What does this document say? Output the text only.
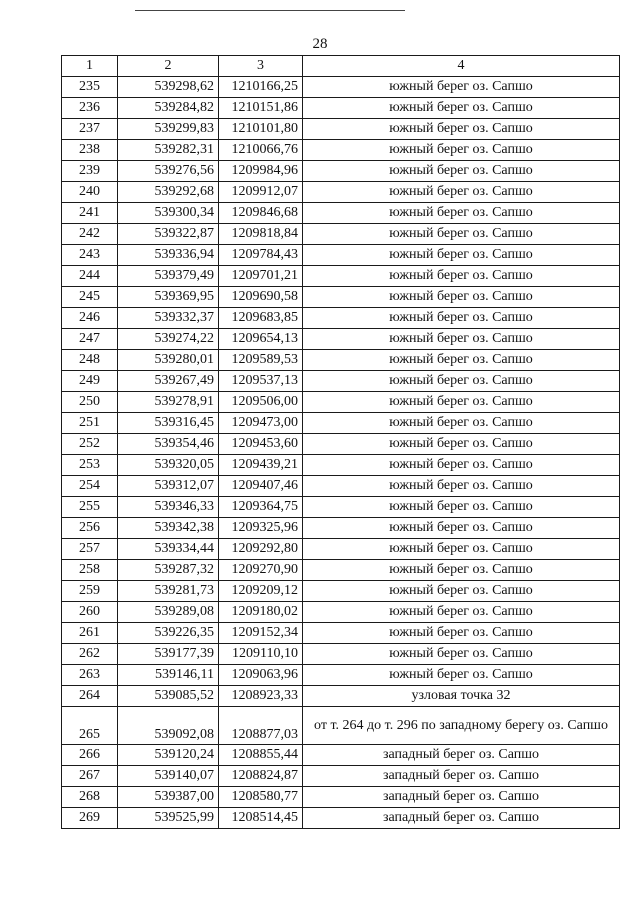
28
1	2	3	4
235	539298,62	1210166,25	южный берег оз. Сапшо
236	539284,82	1210151,86	южный берег оз. Сапшо
237	539299,83	1210101,80	южный берег оз. Сапшо
238	539282,31	1210066,76	южный берег оз. Сапшо
239	539276,56	1209984,96	южный берег оз. Сапшо
240	539292,68	1209912,07	южный берег оз. Сапшо
241	539300,34	1209846,68	южный берег оз. Сапшо
242	539322,87	1209818,84	южный берег оз. Сапшо
243	539336,94	1209784,43	южный берег оз. Сапшо
244	539379,49	1209701,21	южный берег оз. Сапшо
245	539369,95	1209690,58	южный берег оз. Сапшо
246	539332,37	1209683,85	южный берег оз. Сапшо
247	539274,22	1209654,13	южный берег оз. Сапшо
248	539280,01	1209589,53	южный берег оз. Сапшо
249	539267,49	1209537,13	южный берег оз. Сапшо
250	539278,91	1209506,00	южный берег оз. Сапшо
251	539316,45	1209473,00	южный берег оз. Сапшо
252	539354,46	1209453,60	южный берег оз. Сапшо
253	539320,05	1209439,21	южный берег оз. Сапшо
254	539312,07	1209407,46	южный берег оз. Сапшо
255	539346,33	1209364,75	южный берег оз. Сапшо
256	539342,38	1209325,96	южный берег оз. Сапшо
257	539334,44	1209292,80	южный берег оз. Сапшо
258	539287,32	1209270,90	южный берег оз. Сапшо
259	539281,73	1209209,12	южный берег оз. Сапшо
260	539289,08	1209180,02	южный берег оз. Сапшо
261	539226,35	1209152,34	южный берег оз. Сапшо
262	539177,39	1209110,10	южный берег оз. Сапшо
263	539146,11	1209063,96	южный берег оз. Сапшо
264	539085,52	1208923,33	узловая точка 32
265	539092,08	1208877,03	от т. 264 до т. 296 по западному берегу оз. Сапшо
266	539120,24	1208855,44	западный берег оз. Сапшо
267	539140,07	1208824,87	западный берег оз. Сапшо
268	539387,00	1208580,77	западный берег оз. Сапшо
269	539525,99	1208514,45	западный берег оз. Сапшо
